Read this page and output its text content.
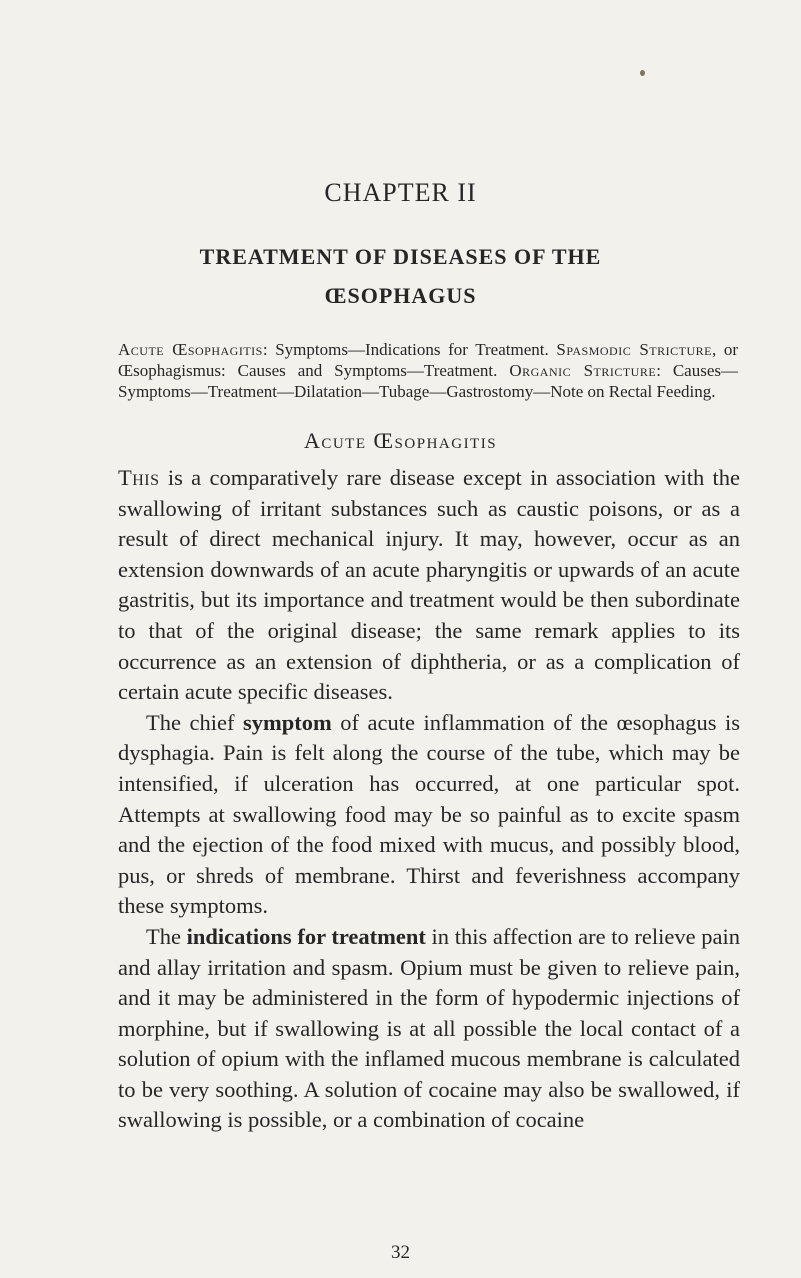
CHAPTER II
TREATMENT OF DISEASES OF THE
ŒSOPHAGUS
Acute Œsophagitis: Symptoms—Indications for Treatment. Spasmodic Stricture, or Œsophagismus: Causes and Symptoms—Treatment. Organic Stricture: Causes—Symptoms—Treatment—Dilatation—Tubage—Gastrostomy—Note on Rectal Feeding.
Acute Œsophagitis

This is a comparatively rare disease except in association with the swallowing of irritant substances such as caustic poisons, or as a result of direct mechanical injury. It may, however, occur as an extension downwards of an acute pharyngitis or upwards of an acute gastritis, but its importance and treatment would be then subordinate to that of the original disease; the same remark applies to its occurrence as an extension of diphtheria, or as a complication of certain acute specific diseases.

The chief symptom of acute inflammation of the œsophagus is dysphagia. Pain is felt along the course of the tube, which may be intensified, if ulceration has occurred, at one particular spot. Attempts at swallowing food may be so painful as to excite spasm and the ejection of the food mixed with mucus, and possibly blood, pus, or shreds of membrane. Thirst and feverishness accompany these symptoms.

The indications for treatment in this affection are to relieve pain and allay irritation and spasm. Opium must be given to relieve pain, and it may be administered in the form of hypodermic injections of morphine, but if swallowing is at all possible the local contact of a solution of opium with the inflamed mucous membrane is calculated to be very soothing. A solution of cocaine may also be swallowed, if swallowing is possible, or a combination of cocaine

32
